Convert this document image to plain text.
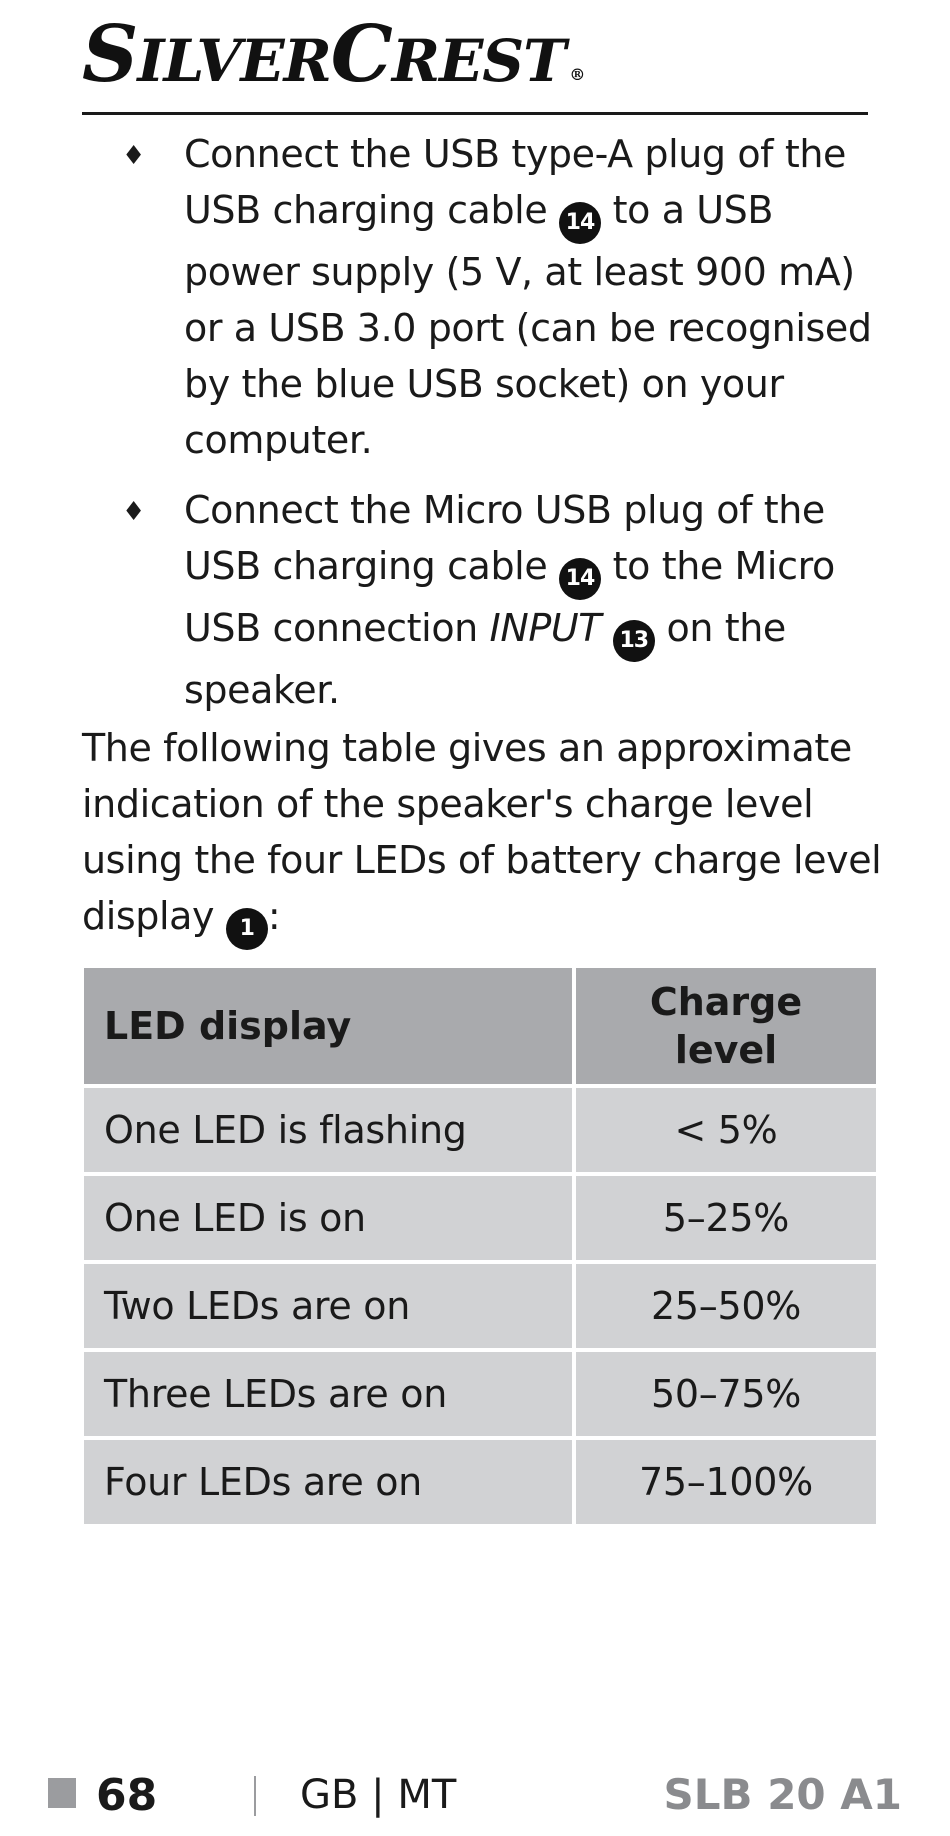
SILVERCREST ®
♦	Connect the USB type-A plug of the USB charging cable 14 to a USB power supply (5 V, at least 900 mA) or a USB 3.0 port (can be recognised by the blue USB socket) on your computer.
♦	Connect the Micro USB plug of the USB charging cable 14 to the Micro USB connection INPUT 13 on the speaker.
The following table gives an approximate indication of the speaker's charge level using the four LEDs of battery charge level display 1 :
LED display	Charge level
One LED is flashing	< 5%
One LED is on	5–25%
Two LEDs are on	25–50%
Three LEDs are on	50–75%
Four LEDs are on	75–100%
68	GB | MT	SLB 20 A1
